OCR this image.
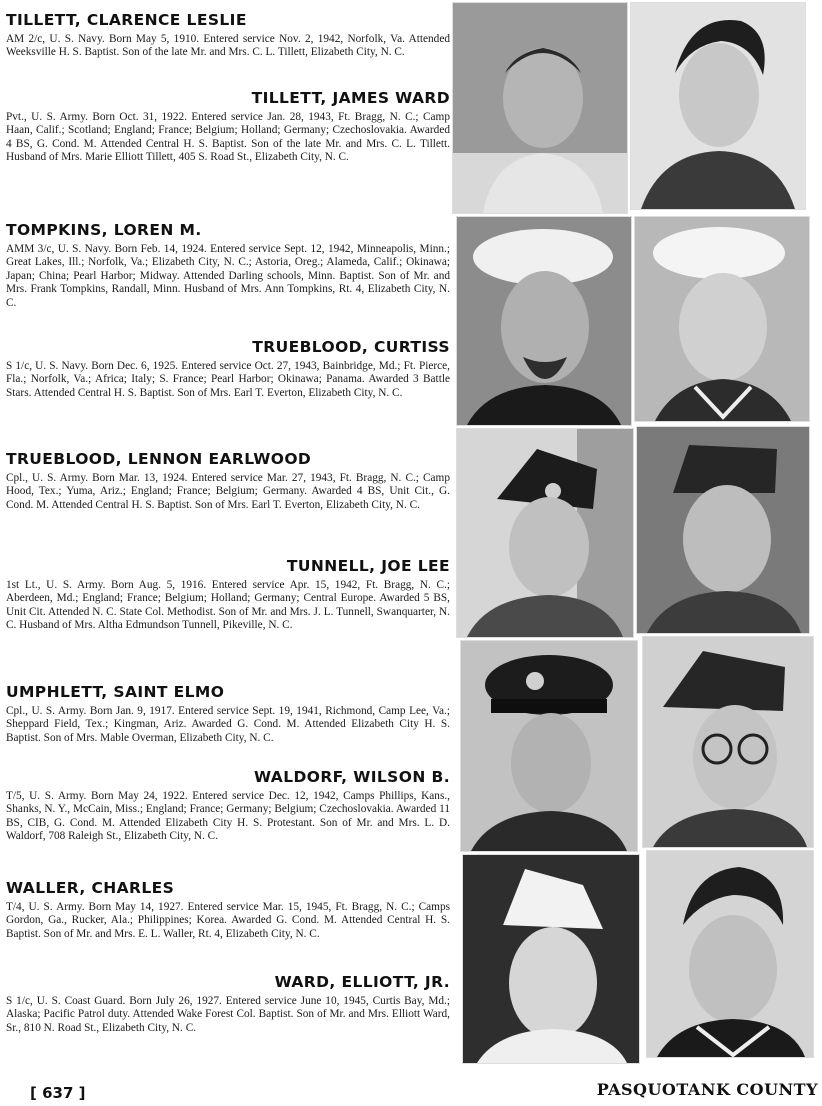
TILLETT, CLARENCE LESLIE
AM 2/c, U. S. Navy. Born May 5, 1910. Entered service Nov. 2, 1942, Norfolk, Va. Attended Weeksville H. S. Baptist. Son of the late Mr. and Mrs. C. L. Tillett, Elizabeth City, N. C.
TILLETT, JAMES WARD
Pvt., U. S. Army. Born Oct. 31, 1922. Entered service Jan. 28, 1943, Ft. Bragg, N. C.; Camp Haan, Calif.; Scotland; England; France; Belgium; Holland; Germany; Czechoslovakia. Awarded 4 BS, G. Cond. M. Attended Central H. S. Baptist. Son of the late Mr. and Mrs. C. L. Tillett. Husband of Mrs. Marie Elliott Tillett, 405 S. Road St., Elizabeth City, N. C.
TOMPKINS, LOREN M.
AMM 3/c, U. S. Navy. Born Feb. 14, 1924. Entered service Sept. 12, 1942, Minneapolis, Minn.; Great Lakes, Ill.; Norfolk, Va.; Elizabeth City, N. C.; Astoria, Oreg.; Alameda, Calif.; Okinawa; Japan; China; Pearl Harbor; Midway. Attended Darling schools, Minn. Baptist. Son of Mr. and Mrs. Frank Tompkins, Randall, Minn. Husband of Mrs. Ann Tompkins, Rt. 4, Elizabeth City, N. C.
TRUEBLOOD, CURTISS
S 1/c, U. S. Navy. Born Dec. 6, 1925. Entered service Oct. 27, 1943, Bainbridge, Md.; Ft. Pierce, Fla.; Norfolk, Va.; Africa; Italy; S. France; Pearl Harbor; Okinawa; Panama. Awarded 3 Battle Stars. Attended Central H. S. Baptist. Son of Mrs. Earl T. Everton, Elizabeth City, N. C.
TRUEBLOOD, LENNON EARLWOOD
Cpl., U. S. Army. Born Mar. 13, 1924. Entered service Mar. 27, 1943, Ft. Bragg, N. C.; Camp Hood, Tex.; Yuma, Ariz.; England; France; Belgium; Germany. Awarded 4 BS, Unit Cit., G. Cond. M. Attended Central H. S. Baptist. Son of Mrs. Earl T. Everton, Elizabeth City, N. C.
TUNNELL, JOE LEE
1st Lt., U. S. Army. Born Aug. 5, 1916. Entered service Apr. 15, 1942, Ft. Bragg, N. C.; Aberdeen, Md.; England; France; Belgium; Holland; Germany; Central Europe. Awarded 5 BS, Unit Cit. Attended N. C. State Col. Methodist. Son of Mr. and Mrs. J. L. Tunnell, Swanquarter, N. C. Husband of Mrs. Altha Edmundson Tunnell, Pikeville, N. C.
UMPHLETT, SAINT ELMO
Cpl., U. S. Army. Born Jan. 9, 1917. Entered service Sept. 19, 1941, Richmond, Camp Lee, Va.; Sheppard Field, Tex.; Kingman, Ariz. Awarded G. Cond. M. Attended Elizabeth City H. S. Baptist. Son of Mrs. Mable Overman, Elizabeth City, N. C.
WALDORF, WILSON B.
T/5, U. S. Army. Born May 24, 1922. Entered service Dec. 12, 1942, Camps Phillips, Kans., Shanks, N. Y., McCain, Miss.; England; France; Germany; Belgium; Czechoslovakia. Awarded 11 BS, CIB, G. Cond. M. Attended Elizabeth City H. S. Protestant. Son of Mr. and Mrs. L. D. Waldorf, 708 Raleigh St., Elizabeth City, N. C.
WALLER, CHARLES
T/4, U. S. Army. Born May 14, 1927. Entered service Mar. 15, 1945, Ft. Bragg, N. C.; Camps Gordon, Ga., Rucker, Ala.; Philippines; Korea. Awarded G. Cond. M. Attended Central H. S. Baptist. Son of Mr. and Mrs. E. L. Waller, Rt. 4, Elizabeth City, N. C.
WARD, ELLIOTT, JR.
S 1/c, U. S. Coast Guard. Born July 26, 1927. Entered service June 10, 1945, Curtis Bay, Md.; Alaska; Pacific Patrol duty. Attended Wake Forest Col. Baptist. Son of Mr. and Mrs. Elliott Ward, Sr., 810 N. Road St., Elizabeth City, N. C.
[ 637 ]	PASQUOTANK COUNTY
